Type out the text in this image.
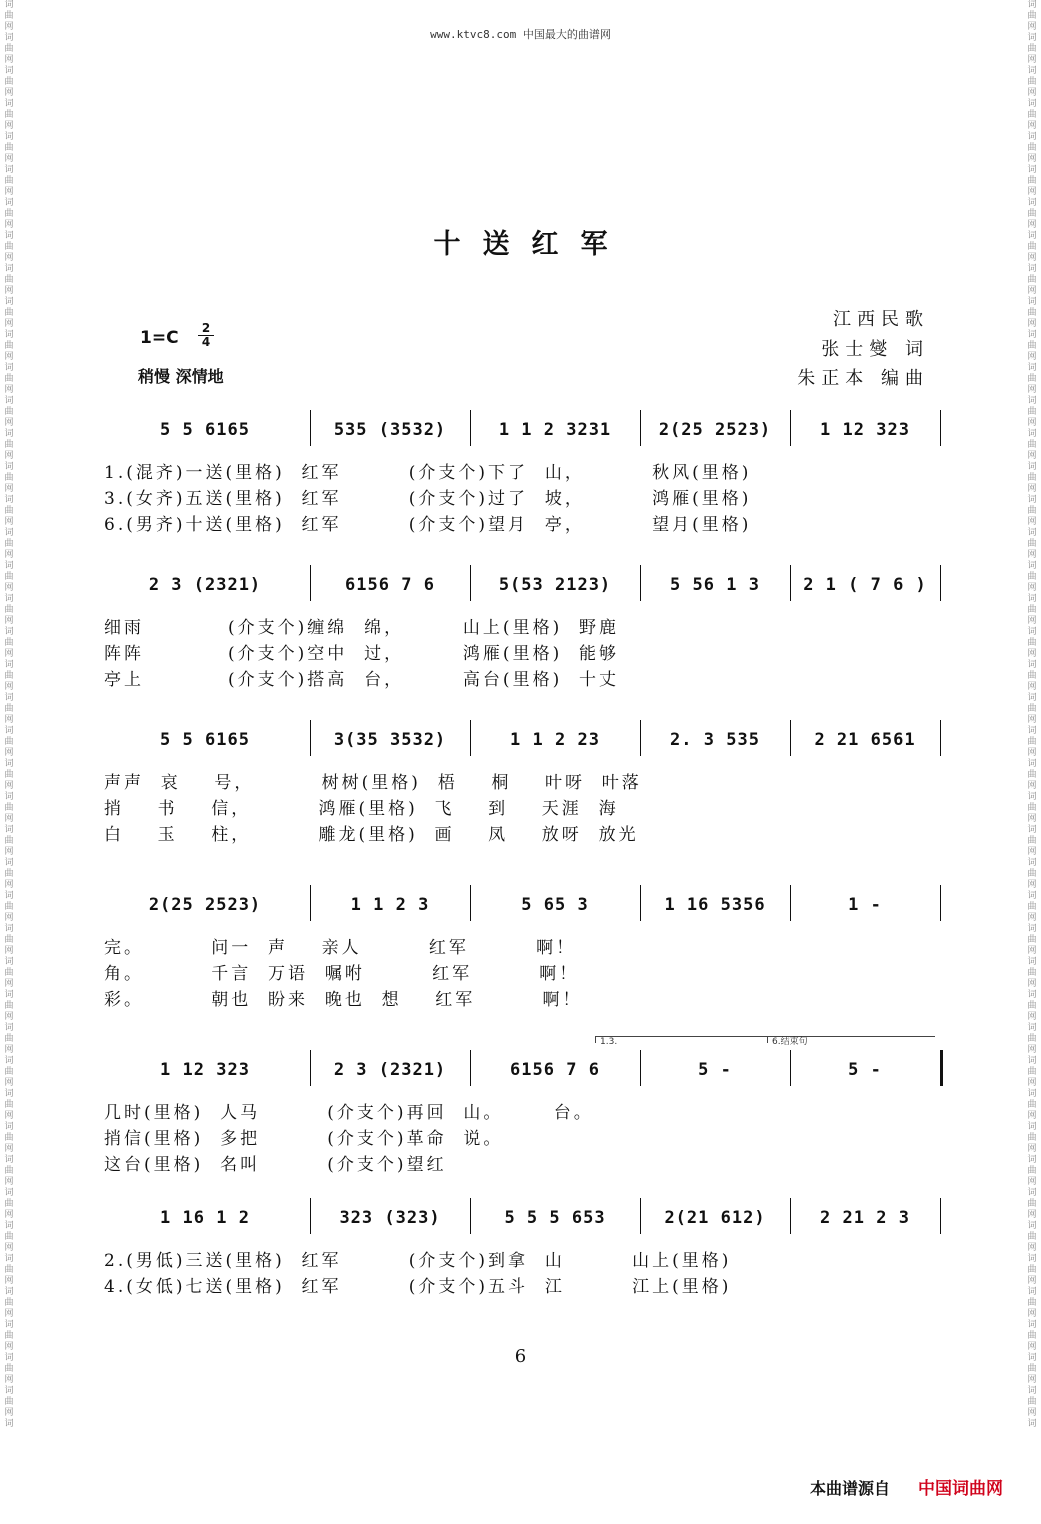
词
曲
网
词
曲
网
词
曲
网
词
曲
网
词
曲
网
词
曲
网
词
曲
网
词
曲
网
词
曲
网
词
曲
网
词
曲
网
词
曲
网
词
曲
网
词
曲
网
词
曲
网
词
曲
网
词
曲
网
词
曲
网
词
曲
网
词
曲
网
词
曲
网
词
曲
网
词
曲
网
词
曲
网
词
曲
网
词
曲
网
词
曲
网
词
曲
网
词
曲
网
词
曲
网
词
曲
网
词
曲
网
词
曲
网
词
曲
网
词
曲
网
词
曲
网
词
曲
网
词
曲
网
词
曲
网
词
曲
网
词
曲
网
词
曲
网
词
曲
网
词
词
曲
网
词
曲
网
词
曲
网
词
曲
网
词
曲
网
词
曲
网
词
曲
网
词
曲
网
词
曲
网
词
曲
网
词
曲
网
词
曲
网
词
曲
网
词
曲
网
词
曲
网
词
曲
网
词
曲
网
词
曲
网
词
曲
网
词
曲
网
词
曲
网
词
曲
网
词
曲
网
词
曲
网
词
曲
网
词
曲
网
词
曲
网
词
曲
网
词
曲
网
词
曲
网
词
曲
网
词
曲
网
词
曲
网
词
曲
网
词
曲
网
词
曲
网
词
曲
网
词
曲
网
词
曲
网
词
曲
网
词
曲
网
词
曲
网
词
曲
网
词
www.ktvc8.com 中国最大的曲谱网
十送红军
江西民歌
张士燮 词
朱正本 编曲
1=C	2
4
稍慢 深情地
5 5 6165	535 (3532)	1 1 2 3231	2(25 2523)	1 12 323
1.(混齐)一送(里格)  红军        (介支个)下了  山，        秋风(里格)
3.(女齐)五送(里格)  红军        (介支个)过了  坡，        鸿雁(里格)
6.(男齐)十送(里格)  红军        (介支个)望月  亭，        望月(里格)
2 3 (2321)	6156 7 6	5(53 2123)	5 56 1 3	2 1 ( 7 6 )
细雨          (介支个)缠绵  绵，       山上(里格)  野鹿
阵阵          (介支个)空中  过，       鸿雁(里格)  能够
亭上          (介支个)搭高  台，       高台(里格)  十丈
5 5 6165	3(35 3532)	1 1 2 23	2. 3 535	2 21 6561
声声  哀    号，        树树(里格)  梧    桐    叶呀  叶落
捎    书    信，        鸿雁(里格)  飞    到    天涯  海
白    玉    柱，        雕龙(里格)  画    凤    放呀  放光
2(25 2523)	1 1 2 3	5 65 3	1 16 5356	1 -
完。        问一  声    亲人        红军        啊！
角。        千言  万语  嘱咐        红军        啊！
彩。        朝也  盼来  晚也  想    红军        啊！
1 12 323	2 3 (2321)	6156 7 6	5 -	5 -
1.3.	6.结束句
几时(里格)  人马        (介支个)再回  山。      台。
捎信(里格)  多把        (介支个)革命  说。
这台(里格)  名叫        (介支个)望红
1 16 1 2	323 (323)	5 5 5 653	2(21 612)	2 21 2 3
2.(男低)三送(里格)  红军        (介支个)到拿  山        山上(里格)
4.(女低)七送(里格)  红军        (介支个)五斗  江        江上(里格)
6
本曲谱源自 中国词曲网
